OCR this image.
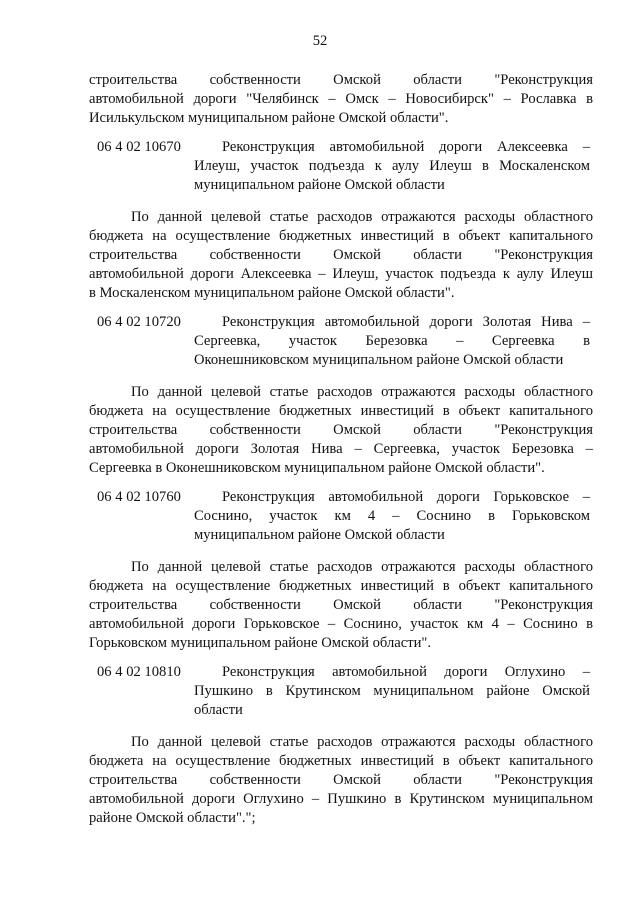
52
строительства собственности Омской области "Реконструкция
автомобильной дороги "Челябинск – Омск – Новосибирск" – Рославка в
Исилькульском муниципальном районе Омской области".
06 4 02 10670	Реконструкция автомобильной дороги Алексеевка –
Илеуш, участок подъезда к аулу Илеуш в Москаленском
муниципальном районе Омской области
По данной целевой статье расходов отражаются расходы областного
бюджета на осуществление бюджетных инвестиций в объект капитального
строительства собственности Омской области "Реконструкция
автомобильной дороги Алексеевка – Илеуш, участок подъезда к аулу Илеуш
в Москаленском муниципальном районе Омской области".
06 4 02 10720	Реконструкция автомобильной дороги Золотая Нива –
Сергеевка, участок Березовка – Сергеевка в
Оконешниковском муниципальном районе Омской области
По данной целевой статье расходов отражаются расходы областного
бюджета на осуществление бюджетных инвестиций в объект капитального
строительства собственности Омской области "Реконструкция
автомобильной дороги Золотая Нива – Сергеевка, участок Березовка –
Сергеевка в Оконешниковском муниципальном районе Омской области".
06 4 02 10760	Реконструкция автомобильной дороги Горьковское –
Соснино, участок км 4 – Соснино в Горьковском
муниципальном районе Омской области
По данной целевой статье расходов отражаются расходы областного
бюджета на осуществление бюджетных инвестиций в объект капитального
строительства собственности Омской области "Реконструкция
автомобильной дороги Горьковское – Соснино, участок км 4 – Соснино в
Горьковском муниципальном районе Омской области".
06 4 02 10810	Реконструкция автомобильной дороги Оглухино –
Пушкино в Крутинском муниципальном районе Омской
области
По данной целевой статье расходов отражаются расходы областного
бюджета на осуществление бюджетных инвестиций в объект капитального
строительства собственности Омской области "Реконструкция
автомобильной дороги Оглухино – Пушкино в Крутинском муниципальном
районе Омской области".";
